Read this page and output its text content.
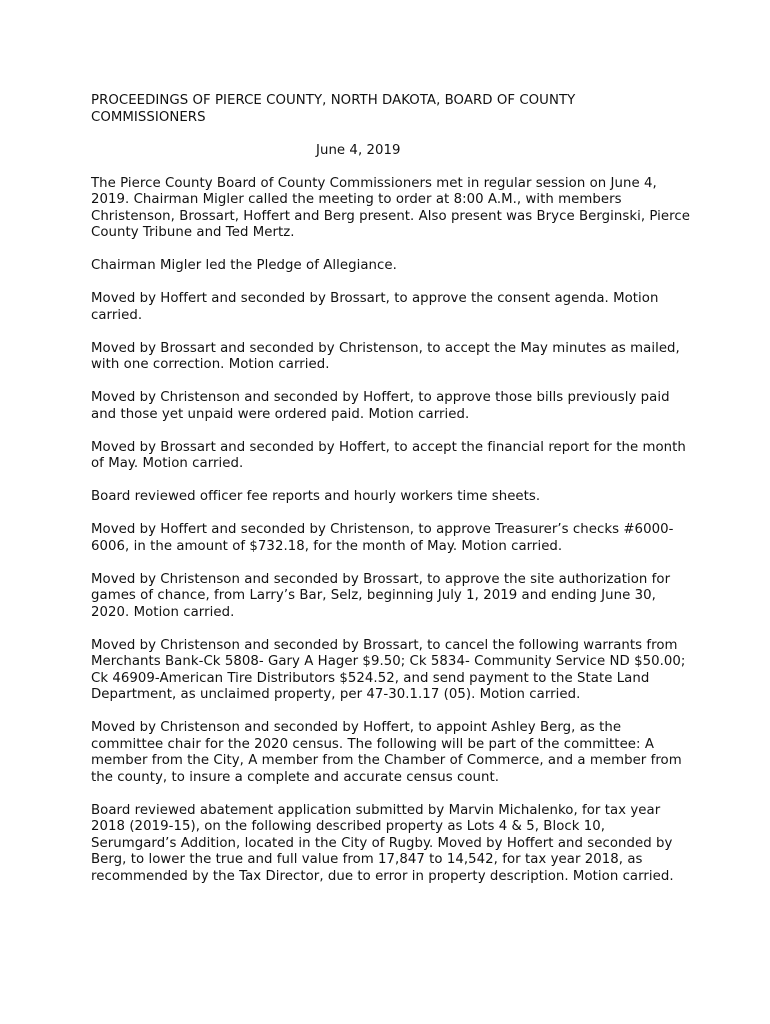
PROCEEDINGS OF PIERCE COUNTY, NORTH DAKOTA, BOARD OF COUNTY COMMISSIONERS

June 4, 2019

The Pierce County Board of County Commissioners met in regular session on June 4, 2019. Chairman Migler called the meeting to order at 8:00 A.M., with members Christenson, Brossart, Hoffert and Berg present. Also present was Bryce Berginski, Pierce County Tribune and Ted Mertz.

Chairman Migler led the Pledge of Allegiance.

Moved by Hoffert and seconded by Brossart, to approve the consent agenda. Motion carried.

Moved by Brossart and seconded by Christenson, to accept the May minutes as mailed, with one correction. Motion carried.

Moved by Christenson and seconded by Hoffert, to approve those bills previously paid and those yet unpaid were ordered paid. Motion carried.

Moved by Brossart and seconded by Hoffert, to accept the financial report for the month of May. Motion carried.

Board reviewed officer fee reports and hourly workers time sheets.

Moved by Hoffert and seconded by Christenson, to approve Treasurer’s checks #6000-6006, in the amount of $732.18, for the month of May. Motion carried.

Moved by Christenson and seconded by Brossart, to approve the site authorization for games of chance, from Larry’s Bar, Selz, beginning July 1, 2019 and ending June 30, 2020. Motion carried.

Moved by Christenson and seconded by Brossart, to cancel the following warrants from Merchants Bank-Ck 5808- Gary A Hager $9.50; Ck 5834- Community Service ND $50.00; Ck 46909-American Tire Distributors $524.52, and send payment to the State Land Department, as unclaimed property, per 47-30.1.17 (05). Motion carried.

Moved by Christenson and seconded by Hoffert, to appoint Ashley Berg, as the committee chair for the 2020 census. The following will be part of the committee: A member from the City, A member from the Chamber of Commerce, and a member from the county, to insure a complete and accurate census count.

Board reviewed abatement application submitted by Marvin Michalenko, for tax year 2018 (2019-15), on the following described property as Lots 4 & 5, Block 10, Serumgard’s Addition, located in the City of Rugby. Moved by Hoffert and seconded by Berg, to lower the true and full value from 17,847 to 14,542, for tax year 2018, as recommended by the Tax Director, due to error in property description. Motion carried.
